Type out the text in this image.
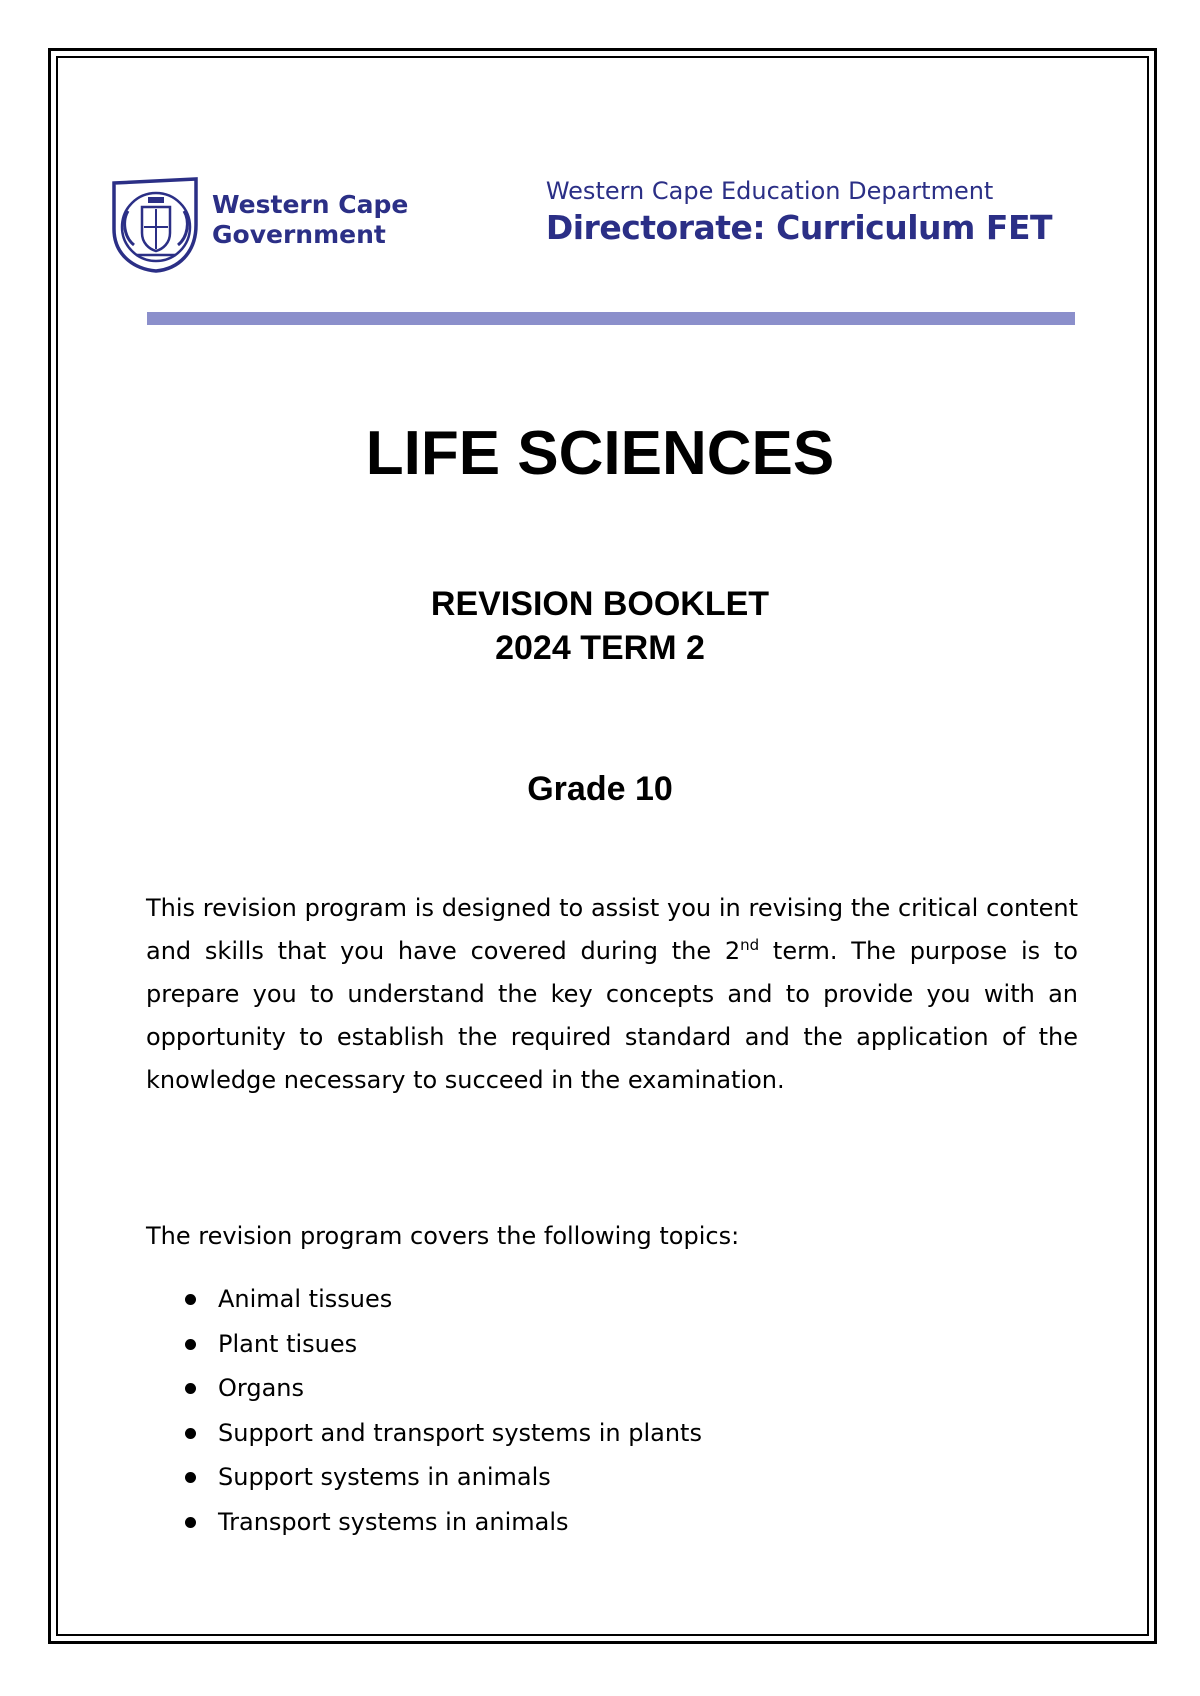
Western Cape
Government
Western Cape Education Department
Directorate: Curriculum FET
LIFE SCIENCES
REVISION BOOKLET
2024 TERM 2
Grade 10

This revision program is designed to assist you in revising the critical content and skills that you have covered during the 2nd term. The purpose is to prepare you to understand the key concepts and to provide you with an opportunity to establish the required standard and the application of the knowledge necessary to succeed in the examination.

The revision program covers the following topics:

Animal tissues
Plant tisues
Organs
Support and transport systems in plants
Support systems in animals
Transport systems in animals
